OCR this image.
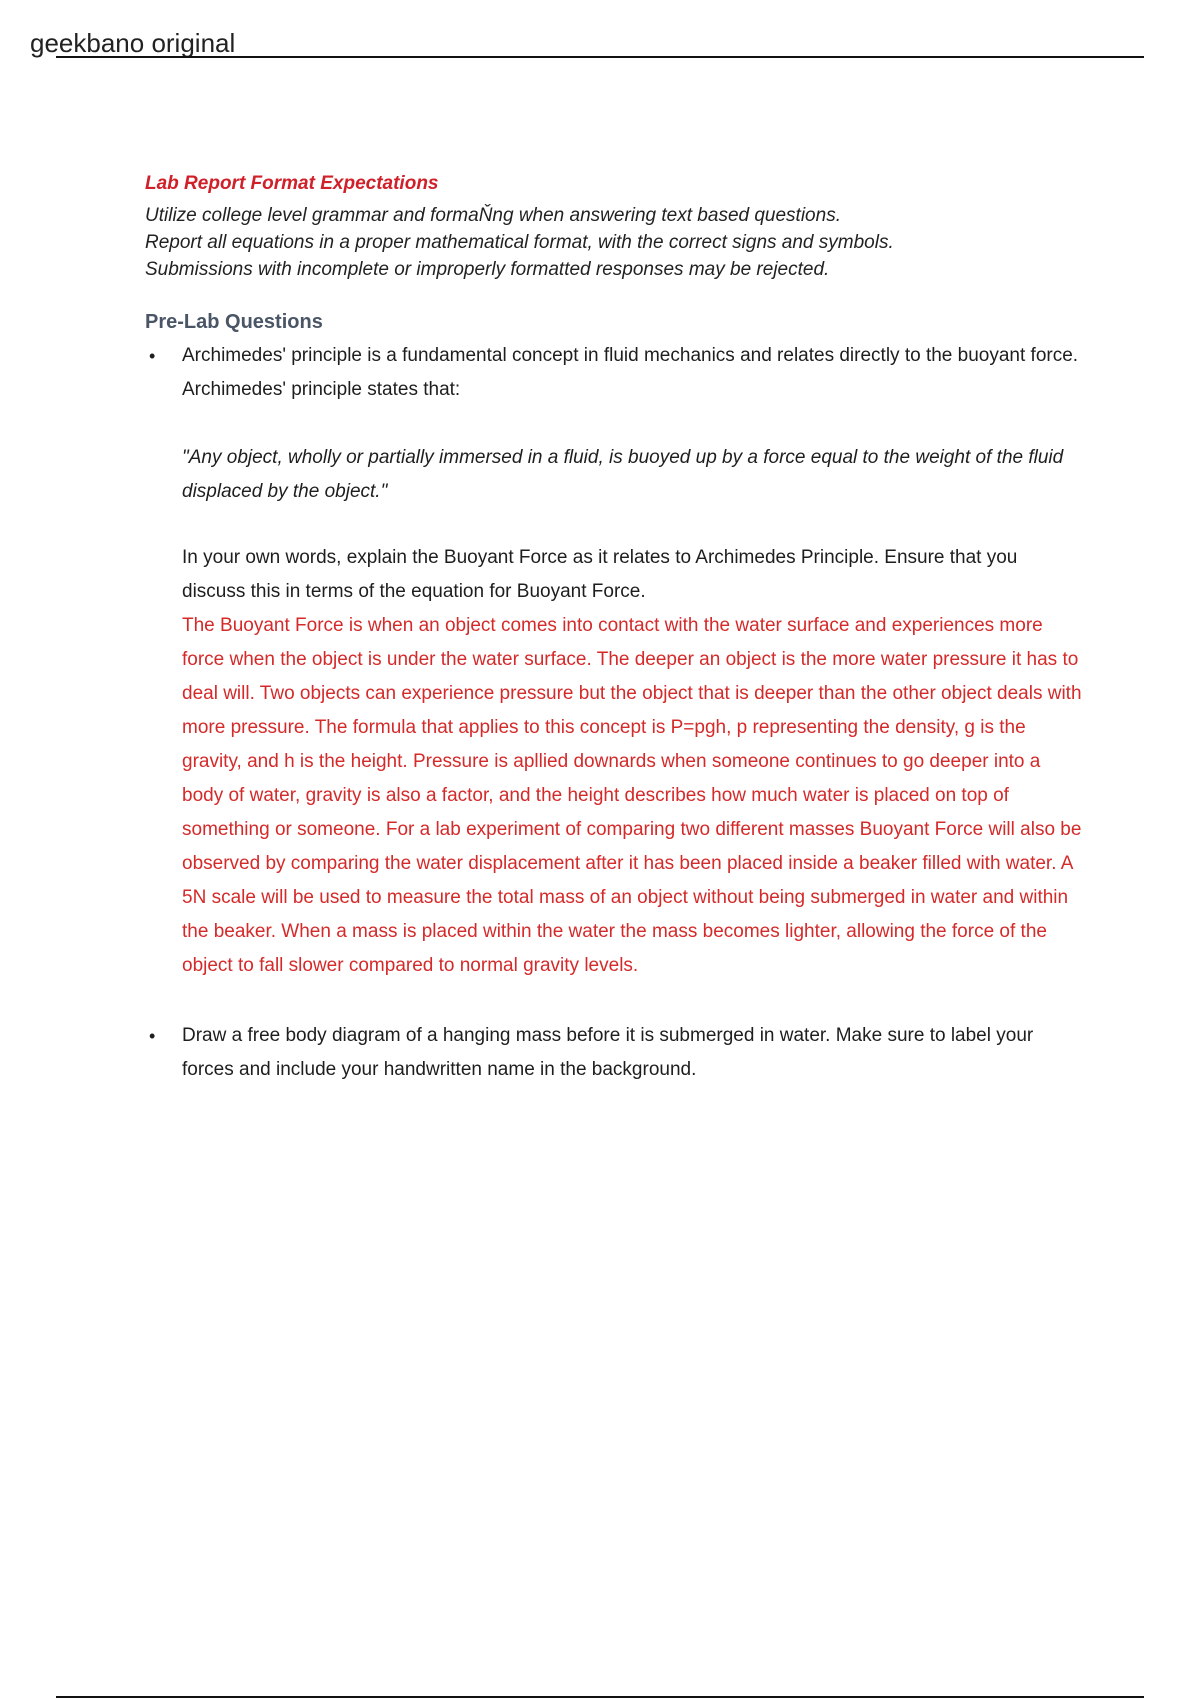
geekbano original
Lab Report Format Expectations
Utilize college level grammar and formaŇng when answering text based questions.
Report all equations in a proper mathematical format, with the correct signs and symbols.
Submissions with incomplete or improperly formatted responses may be rejected.
Pre-Lab Questions
• Archimedes' principle is a fundamental concept in fluid mechanics and relates directly to the buoyant force. Archimedes' principle states that:
"Any object, wholly or partially immersed in a fluid, is buoyed up by a force equal to the weight of the fluid displaced by the object."
In your own words, explain the Buoyant Force as it relates to Archimedes Principle. Ensure that you discuss this in terms of the equation for Buoyant Force.
The Buoyant Force is when an object comes into contact with the water surface and experiences more force when the object is under the water surface. The deeper an object is the more water pressure it has to deal will. Two objects can experience pressure but the object that is deeper than the other object deals with more pressure. The formula that applies to this concept is P=pgh, p representing the density, g is the gravity, and h is the height. Pressure is apllied downards when someone continues to go deeper into a body of water, gravity is also a factor, and the height describes how much water is placed on top of something or someone. For a lab experiment of comparing two different masses Buoyant Force will also be observed by comparing the water displacement after it has been placed inside a beaker filled with water. A 5N scale will be used to measure the total mass of an object without being submerged in water and within the beaker. When a mass is placed within the water the mass becomes lighter, allowing the force of the object to fall slower compared to normal gravity levels.
• Draw a free body diagram of a hanging mass before it is submerged in water. Make sure to label your forces and include your handwritten name in the background.
